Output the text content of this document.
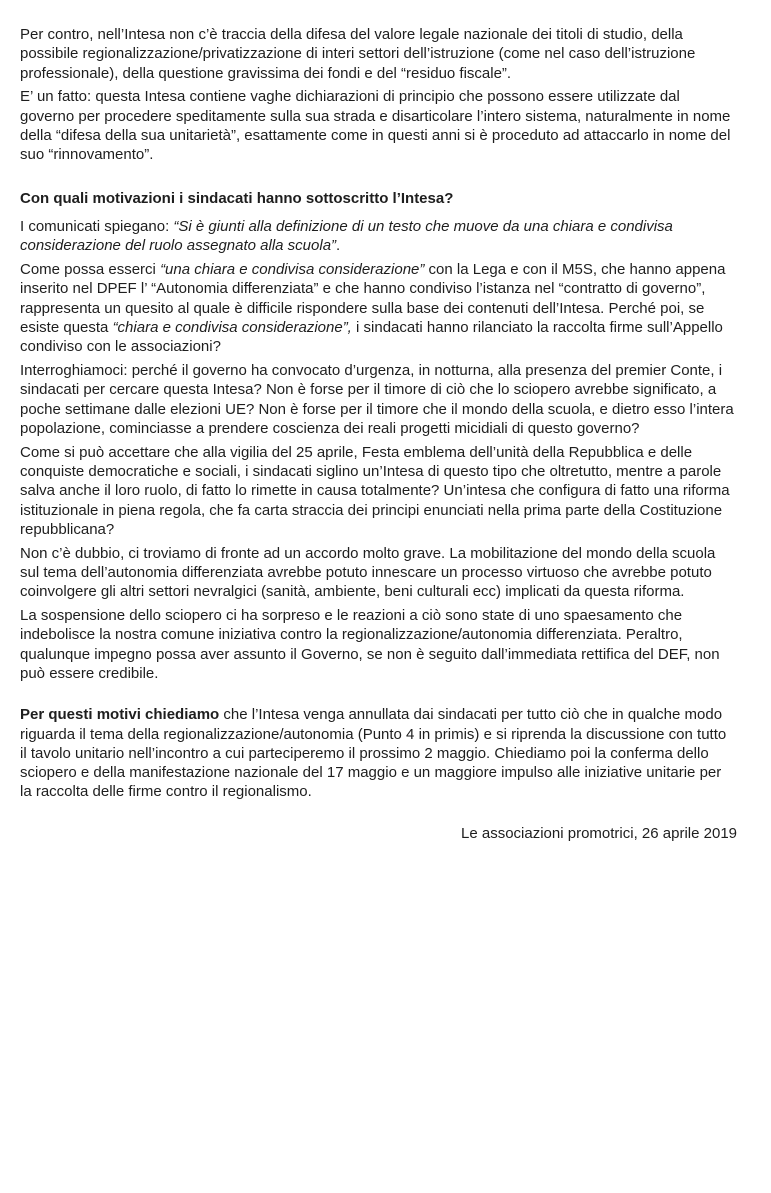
Per contro, nell’Intesa non c’è traccia della difesa del valore legale nazionale dei titoli di studio, della possibile regionalizzazione/privatizzazione di interi settori dell’istruzione (come nel caso dell’istruzione professionale), della questione gravissima dei fondi e del “residuo fiscale”.

E’ un fatto: questa Intesa contiene vaghe dichiarazioni di principio che possono essere utilizzate dal governo per procedere speditamente sulla sua strada e disarticolare l’intero sistema, naturalmente in nome della “difesa della sua unitarietà”, esattamente come in questi anni si è proceduto ad attaccarlo in nome del suo “rinnovamento”.

Con quali motivazioni i sindacati hanno sottoscritto l’Intesa?

I comunicati spiegano: “Si è giunti alla definizione di un testo che muove da una chiara e condivisa considerazione del ruolo assegnato alla scuola”.

Come possa esserci “una chiara e condivisa considerazione” con la Lega e con il M5S, che hanno appena inserito nel DPEF l’ “Autonomia differenziata” e che hanno condiviso l’istanza nel “contratto di governo”, rappresenta un quesito al quale è difficile rispondere sulla base dei contenuti dell’Intesa. Perché poi, se esiste questa “chiara e condivisa considerazione”, i sindacati hanno rilanciato la raccolta firme sull’Appello condiviso con le associazioni?

Interroghiamoci: perché il governo ha convocato d’urgenza, in notturna, alla presenza del premier Conte, i sindacati per cercare questa Intesa? Non è forse per il timore di ciò che lo sciopero avrebbe significato, a poche settimane dalle elezioni UE? Non è forse per il timore che il mondo della scuola, e dietro esso l’intera popolazione, cominciasse a prendere coscienza dei reali progetti micidiali di questo governo?

Come si può accettare che alla vigilia del 25 aprile, Festa emblema dell’unità della Repubblica e delle conquiste democratiche e sociali, i sindacati siglino un’Intesa di questo tipo che oltretutto, mentre a parole salva anche il loro ruolo, di fatto lo rimette in causa totalmente? Un’intesa che configura di fatto una riforma istituzionale in piena regola, che fa carta straccia dei principi enunciati nella prima parte della Costituzione repubblicana?

Non c’è dubbio, ci troviamo di fronte ad un accordo molto grave. La mobilitazione del mondo della scuola sul tema dell’autonomia differenziata avrebbe potuto innescare un processo virtuoso che avrebbe potuto coinvolgere gli altri settori nevralgici (sanità, ambiente, beni culturali ecc) implicati da questa riforma.

La sospensione dello sciopero ci ha sorpreso e le reazioni a ciò sono state di uno spaesamento che indebolisce la nostra comune iniziativa contro la regionalizzazione/autonomia differenziata. Peraltro, qualunque impegno possa aver assunto il Governo, se non è seguito dall’immediata rettifica del DEF, non può essere credibile.

Per questi motivi chiediamo che l’Intesa venga annullata dai sindacati per tutto ciò che in qualche modo riguarda il tema della regionalizzazione/autonomia (Punto 4 in primis) e si riprenda la discussione con tutto il tavolo unitario nell’incontro a cui parteciperemo il prossimo 2 maggio. Chiediamo poi la conferma dello sciopero e della manifestazione nazionale del 17 maggio e un maggiore impulso alle iniziative unitarie per la raccolta delle firme contro il regionalismo.

Le associazioni promotrici, 26 aprile 2019
